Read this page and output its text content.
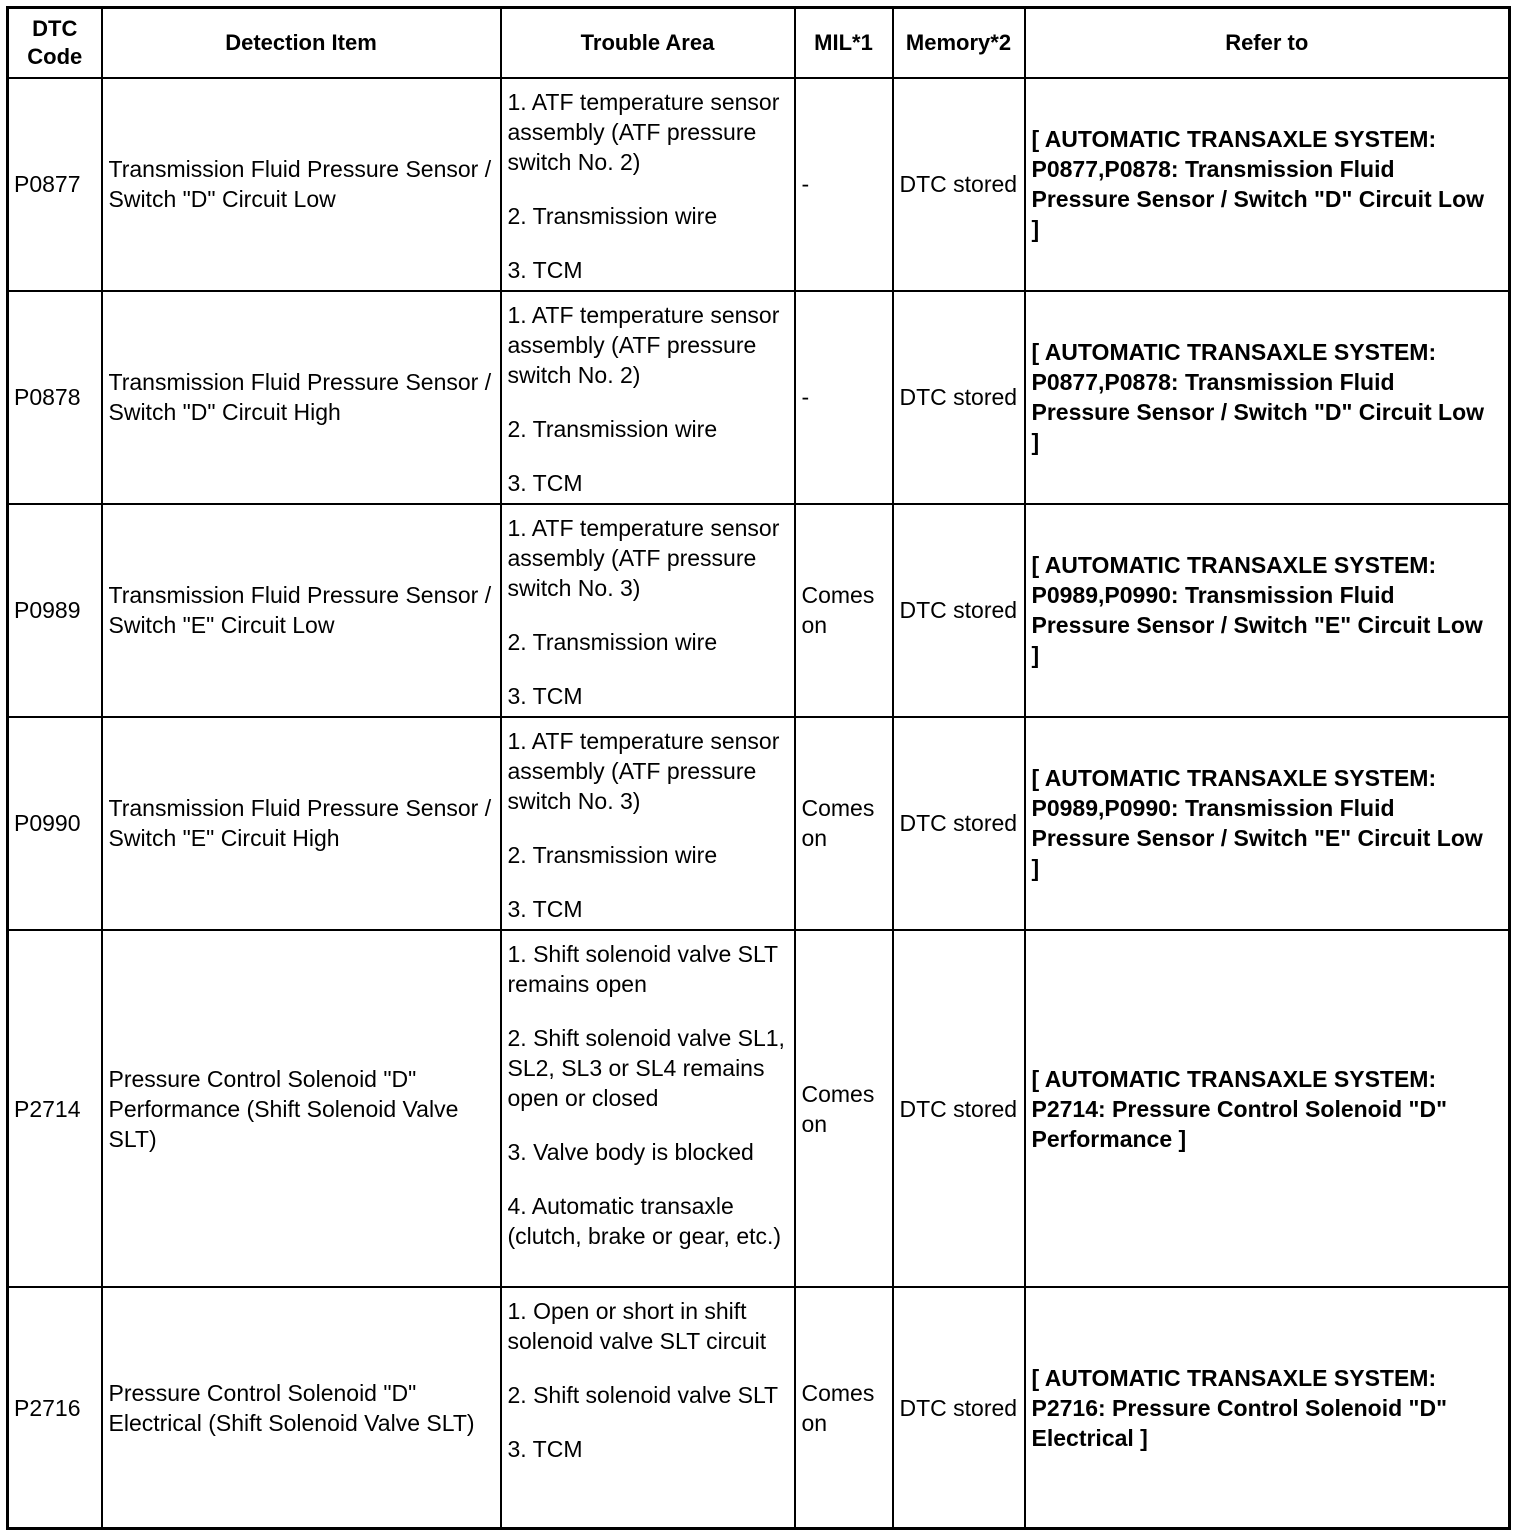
DTC Code	Detection Item	Trouble Area	MIL*1	Memory*2	Refer to
P0877	Transmission Fluid Pressure Sensor / Switch "D" Circuit Low	1. ATF temperature sensor assembly (ATF pressure switch No. 2)
2. Transmission wire
3. TCM	-	DTC stored	[ AUTOMATIC TRANSAXLE SYSTEM: P0877,P0878: Transmission Fluid Pressure Sensor / Switch "D" Circuit Low ]
P0878	Transmission Fluid Pressure Sensor / Switch "D" Circuit High	1. ATF temperature sensor assembly (ATF pressure switch No. 2)
2. Transmission wire
3. TCM	-	DTC stored	[ AUTOMATIC TRANSAXLE SYSTEM: P0877,P0878: Transmission Fluid Pressure Sensor / Switch "D" Circuit Low ]
P0989	Transmission Fluid Pressure Sensor / Switch "E" Circuit Low	1. ATF temperature sensor assembly (ATF pressure switch No. 3)
2. Transmission wire
3. TCM	Comes on	DTC stored	[ AUTOMATIC TRANSAXLE SYSTEM: P0989,P0990: Transmission Fluid Pressure Sensor / Switch "E" Circuit Low ]
P0990	Transmission Fluid Pressure Sensor / Switch "E" Circuit High	1. ATF temperature sensor assembly (ATF pressure switch No. 3)
2. Transmission wire
3. TCM	Comes on	DTC stored	[ AUTOMATIC TRANSAXLE SYSTEM: P0989,P0990: Transmission Fluid Pressure Sensor / Switch "E" Circuit Low ]
P2714	Pressure Control Solenoid "D" Performance (Shift Solenoid Valve SLT)	1. Shift solenoid valve SLT remains open
2. Shift solenoid valve SL1, SL2, SL3 or SL4 remains open or closed
3. Valve body is blocked
4. Automatic transaxle (clutch, brake or gear, etc.)	Comes on	DTC stored	[ AUTOMATIC TRANSAXLE SYSTEM: P2714: Pressure Control Solenoid "D" Performance ]
P2716	Pressure Control Solenoid "D" Electrical (Shift Solenoid Valve SLT)	1. Open or short in shift solenoid valve SLT circuit
2. Shift solenoid valve SLT
3. TCM	Comes on	DTC stored	[ AUTOMATIC TRANSAXLE SYSTEM: P2716: Pressure Control Solenoid "D" Electrical ]
